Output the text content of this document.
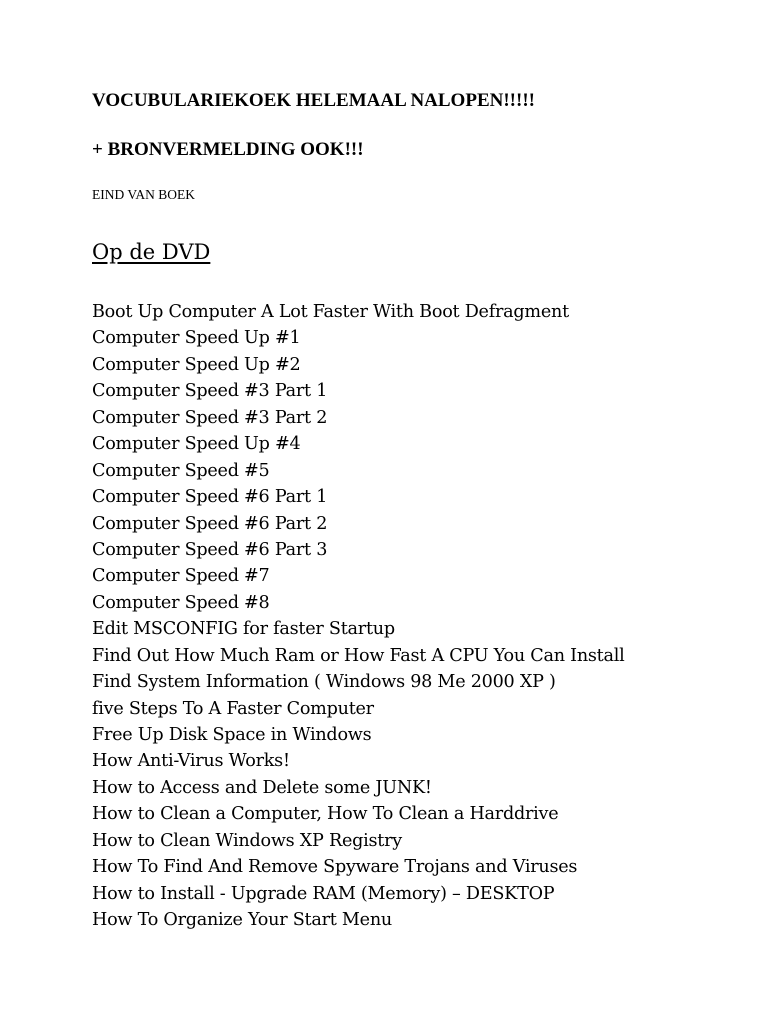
VOCUBULARIEKOEK HELEMAAL NALOPEN!!!!!
+ BRONVERMELDING OOK!!!
EIND VAN BOEK
Op de DVD
Boot Up Computer A Lot Faster With Boot Defragment
Computer Speed Up #1
Computer Speed Up #2
Computer Speed #3 Part 1
Computer Speed #3 Part 2
Computer Speed Up #4
Computer Speed #5
Computer Speed #6 Part 1
Computer Speed #6 Part 2
Computer Speed #6 Part 3
Computer Speed #7
Computer Speed #8
Edit MSCONFIG for faster Startup
Find Out How Much Ram or How Fast A CPU You Can Install
Find System Information ( Windows 98 Me 2000 XP )
five Steps To A Faster Computer
Free Up Disk Space in Windows
How Anti-Virus Works!
How to Access and Delete some JUNK!
How to Clean a Computer, How To Clean a Harddrive
How to Clean Windows XP Registry
How To Find And Remove Spyware Trojans and Viruses
How to Install - Upgrade RAM (Memory) – DESKTOP
How To Organize Your Start Menu
